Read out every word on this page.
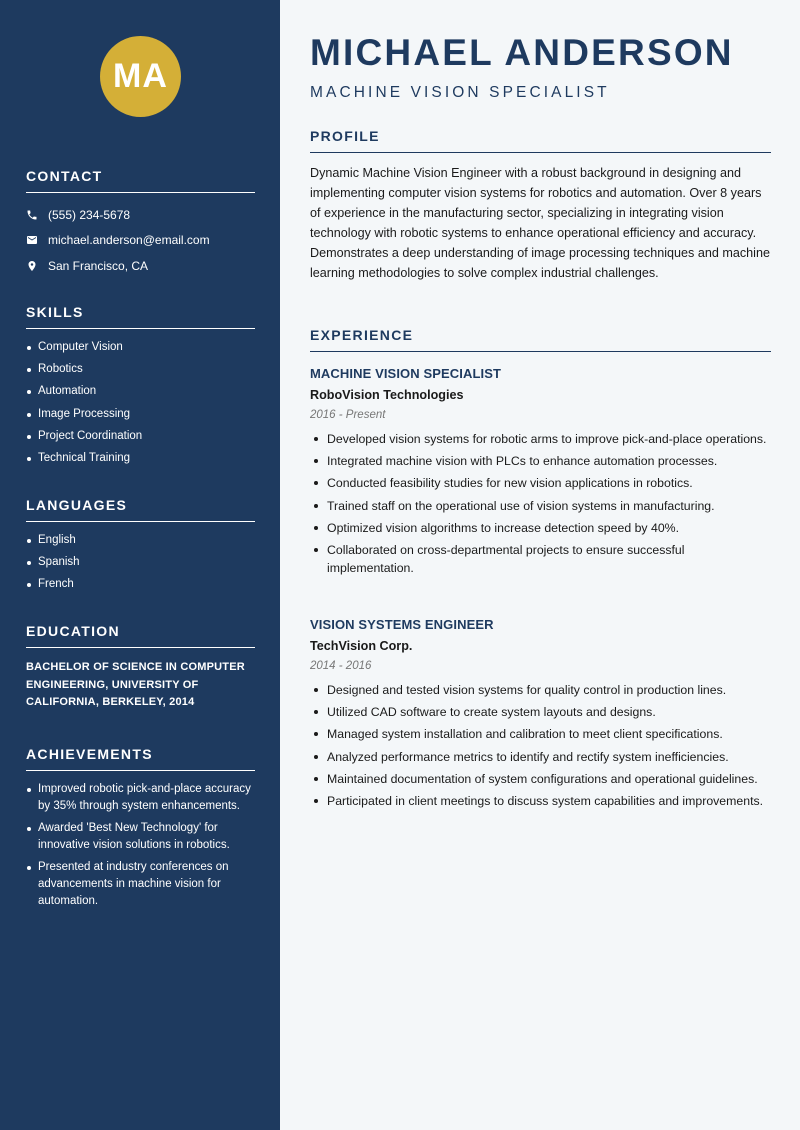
MA
CONTACT
(555) 234-5678
michael.anderson@email.com
San Francisco, CA
SKILLS
Computer Vision
Robotics
Automation
Image Processing
Project Coordination
Technical Training
LANGUAGES
English
Spanish
French
EDUCATION

BACHELOR OF SCIENCE IN COMPUTER ENGINEERING, UNIVERSITY OF CALIFORNIA, BERKELEY, 2014

ACHIEVEMENTS
Improved robotic pick-and-place accuracy by 35% through system enhancements.
Awarded 'Best New Technology' for innovative vision solutions in robotics.
Presented at industry conferences on advancements in machine vision for automation.
MICHAEL ANDERSON
MACHINE VISION SPECIALIST
PROFILE

Dynamic Machine Vision Engineer with a robust background in designing and implementing computer vision systems for robotics and automation. Over 8 years of experience in the manufacturing sector, specializing in integrating vision technology with robotic systems to enhance operational efficiency and accuracy. Demonstrates a deep understanding of image processing techniques and machine learning methodologies to solve complex industrial challenges.

EXPERIENCE
MACHINE VISION SPECIALIST
RoboVision Technologies
2016 - Present
Developed vision systems for robotic arms to improve pick-and-place operations.
Integrated machine vision with PLCs to enhance automation processes.
Conducted feasibility studies for new vision applications in robotics.
Trained staff on the operational use of vision systems in manufacturing.
Optimized vision algorithms to increase detection speed by 40%.
Collaborated on cross-departmental projects to ensure successful implementation.
VISION SYSTEMS ENGINEER
TechVision Corp.
2014 - 2016
Designed and tested vision systems for quality control in production lines.
Utilized CAD software to create system layouts and designs.
Managed system installation and calibration to meet client specifications.
Analyzed performance metrics to identify and rectify system inefficiencies.
Maintained documentation of system configurations and operational guidelines.
Participated in client meetings to discuss system capabilities and improvements.
